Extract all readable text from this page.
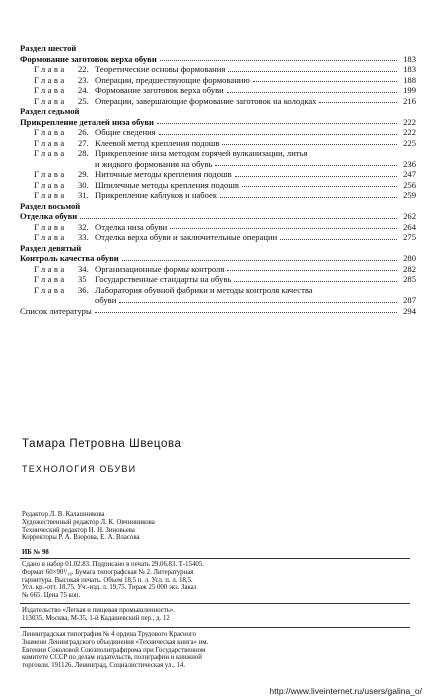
Раздел шестой
Формование заготовок верха обуви	183
Глава	22. Теоретические основы формования	183
Глава	23. Операции, предшествующие формованию	188
Глава	24. Формование заготовок верха обуви	199
Глава	25. Операции, завершающие формование заготовок на колодках	216
Раздел седьмой
Прикрепление деталей низа обуви	222
Глава	26. Общие сведения	222
Глава	27. Клеевой метод крепления подошв	225
Глава	28. Прикрепление низа методом горячей вулканизации, литья
и жидкого формования на обувь	236
Глава	29. Ниточные методы крепления подошв	247
Глава	30. Шпилечные методы крепления подошв	256
Глава	31. Прикрепление каблуков и набоек	259
Раздел восьмой
Отделка обуви	262
Глава	32. Отделка низа обуви	264
Глава	33. Отделка верха обуви и заключительные операции	275
Раздел девятый
Контроль качества обуви	280
Глава	34. Организационные формы контроля	282
Глава	35 Государственные стандарты на обувь	285
Глава	36. Лаборатория обувной фабрики и методы контроля качества
обуви	287
Список литературы	294
Тамара Петровна Швецова
ТЕХНОЛОГИЯ ОБУВИ
Редактор Л. В. Калашникова
Художественный редактор Л. К. Овчинникова
Технический редактор Н. Н. Зиновьева
Корректоры Р. А. Взорова, Е. А. Власова
ИБ № 98
Сдано в набор 01.02.83. Подписано в печать 29.06.83. Т-15405.
Формат 60×90¹/₁₆. Бумага типографская № 2. Литературная
гарнитура. Высокая печать. Объем 18,5 п. л. Усл. п. л. 18,5.
Усл. кр.-отт. 18,75. Уч.-изд. л. 19,75. Тираж 25 000 экз. Заказ
№ 665. Цена 75 коп.
Издательство «Легкая и пищевая промышленность».
113035, Москва, М-35, 1-й Кадашевский пер., д. 12
Ленинградская типография № 4 ордена Трудового Красного
Знамени Ленинградского объединения «Техническая книга» им.
Евгении Соколовой Союзполиграфпрома при Государственном
комитете СССР по делам издательств, полиграфии и книжной
торговли. 191126, Ленинград, Социалистическая ул., 14.
http://www.liveinternet.ru/users/galina_o/
